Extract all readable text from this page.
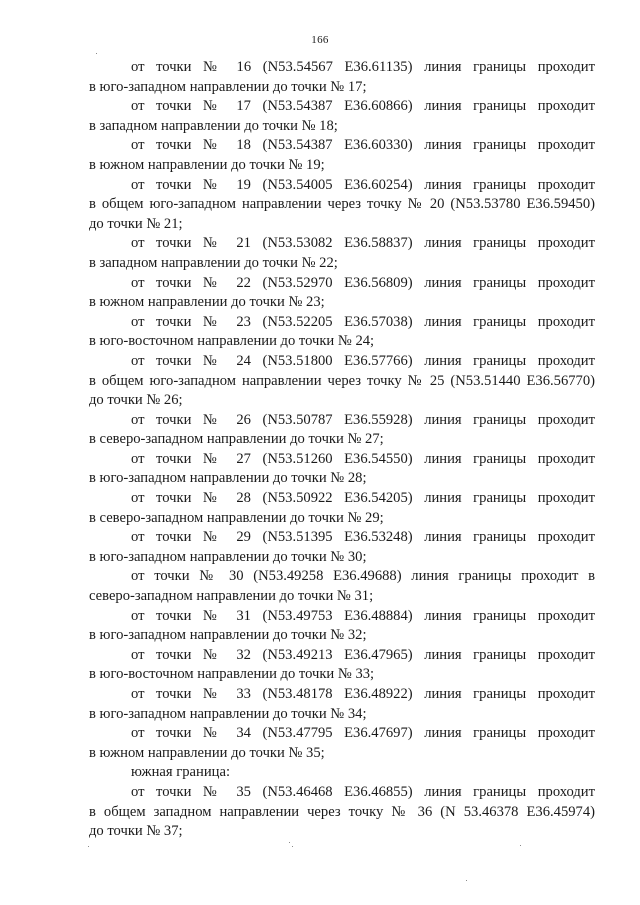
166
от точки № 16 (N53.54567 E36.61135) линия границы проходит
в юго-западном направлении до точки № 17;
от точки № 17 (N53.54387 E36.60866) линия границы проходит
в западном направлении до точки № 18;
от точки № 18 (N53.54387 E36.60330) линия границы проходит
в южном направлении до точки № 19;
от точки № 19 (N53.54005 E36.60254) линия границы проходит
в общем юго-западном направлении через точку № 20 (N53.53780 E36.59450)
до точки № 21;
от точки № 21 (N53.53082 E36.58837) линия границы проходит
в западном направлении до точки № 22;
от точки № 22 (N53.52970 E36.56809) линия границы проходит
в южном направлении до точки № 23;
от точки № 23 (N53.52205 E36.57038) линия границы проходит
в юго-восточном направлении до точки № 24;
от точки № 24 (N53.51800 E36.57766) линия границы проходит
в общем юго-западном направлении через точку № 25 (N53.51440 E36.56770)
до точки № 26;
от точки № 26 (N53.50787 E36.55928) линия границы проходит
в северо-западном направлении до точки № 27;
от точки № 27 (N53.51260 E36.54550) линия границы проходит
в юго-западном направлении до точки № 28;
от точки № 28 (N53.50922 E36.54205) линия границы проходит
в северо-западном направлении до точки № 29;
от точки № 29 (N53.51395 E36.53248) линия границы проходит
в юго-западном направлении до точки № 30;
от точки № 30 (N53.49258 E36.49688) линия границы проходит в
северо-западном направлении до точки № 31;
от точки № 31 (N53.49753 E36.48884) линия границы проходит
в юго-западном направлении до точки № 32;
от точки № 32 (N53.49213 E36.47965) линия границы проходит
в юго-восточном направлении до точки № 33;
от точки № 33 (N53.48178 E36.48922) линия границы проходит
в юго-западном направлении до точки № 34;
от точки № 34 (N53.47795 E36.47697) линия границы проходит
в южном направлении до точки № 35;
южная граница:
от точки № 35 (N53.46468 E36.46855) линия границы проходит
в общем западном направлении через точку № 36 (N 53.46378 E36.45974)
до точки № 37;
